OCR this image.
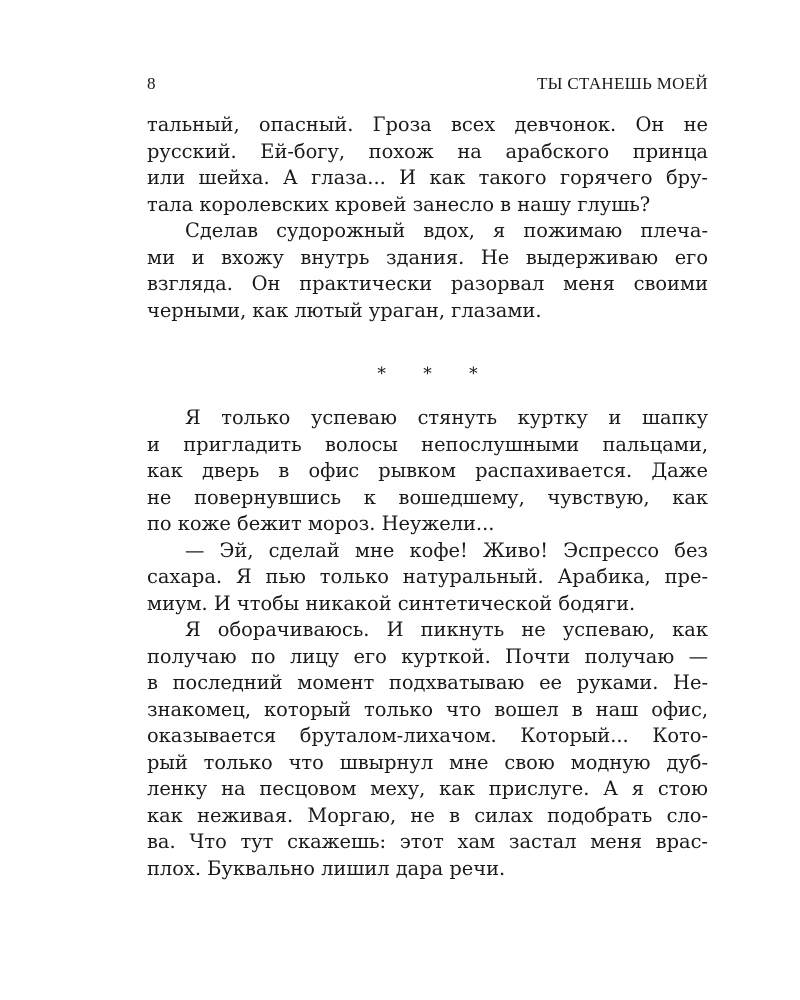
8	ТЫ СТАНЕШЬ МОЕЙ
тальный, опасный. Гроза всех девчонок. Он не
русский. Ей-богу, похож на арабского принца
или шейха. А глаза... И как такого горячего бру-
тала королевских кровей занесло в нашу глушь?
Сделав судорожный вдох, я пожимаю плеча-
ми и вхожу внутрь здания. Не выдерживаю его
взгляда. Он практически разорвал меня своими
черными, как лютый ураган, глазами.
* * *
Я только успеваю стянуть куртку и шапку
и пригладить волосы непослушными пальцами,
как дверь в офис рывком распахивается. Даже
не повернувшись к вошедшему, чувствую, как
по коже бежит мороз. Неужели...
— Эй, сделай мне кофе! Живо! Эспрессо без
сахара. Я пью только натуральный. Арабика, пре-
миум. И чтобы никакой синтетической бодяги.
Я оборачиваюсь. И пикнуть не успеваю, как
получаю по лицу его курткой. Почти получаю —
в последний момент подхватываю ее руками. Не-
знакомец, который только что вошел в наш офис,
оказывается бруталом-лихачом. Который... Кото-
рый только что швырнул мне свою модную дуб-
ленку на песцовом меху, как прислуге. А я стою
как неживая. Моргаю, не в силах подобрать сло-
ва. Что тут скажешь: этот хам застал меня врас-
плох. Буквально лишил дара речи.
